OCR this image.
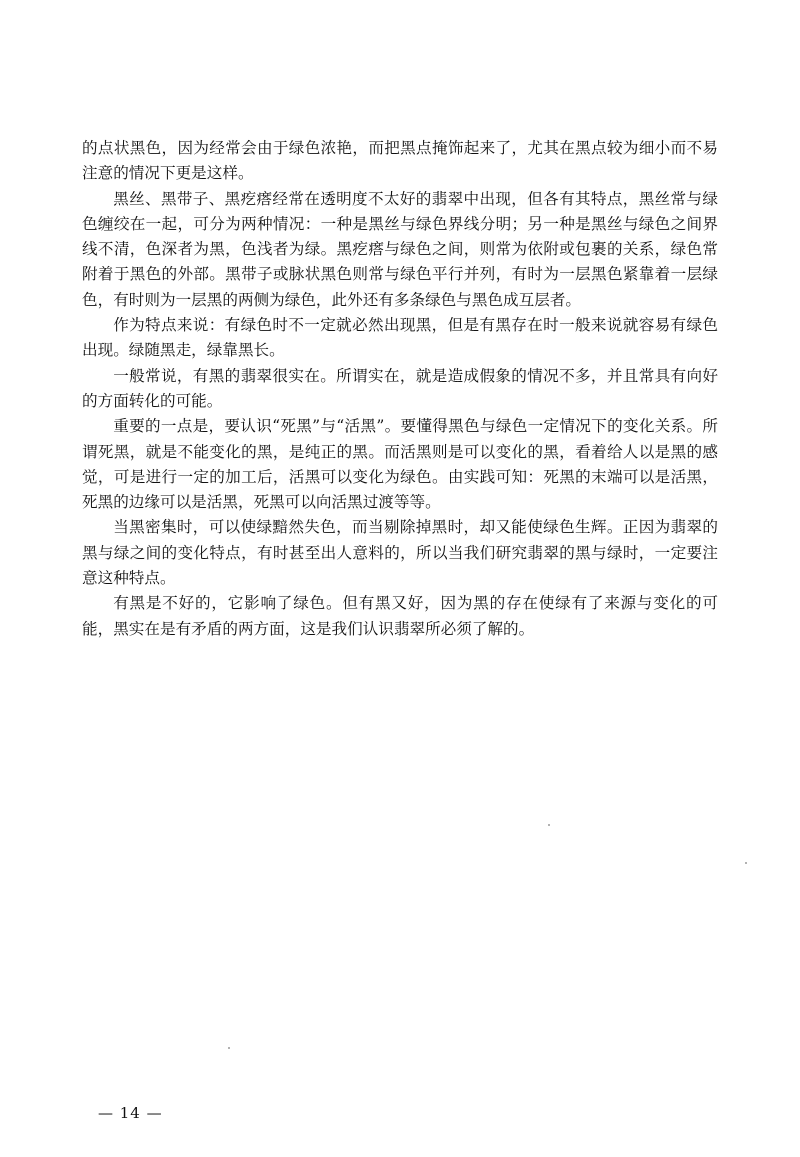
的点状黑色，因为经常会由于绿色浓艳，而把黑点掩饰起来了，尤其在黑点较为细小而不易注意的情况下更是这样。

黑丝、黑带子、黑疙瘩经常在透明度不太好的翡翠中出现，但各有其特点，黑丝常与绿色缠绞在一起，可分为两种情况：一种是黑丝与绿色界线分明；另一种是黑丝与绿色之间界线不清，色深者为黑，色浅者为绿。黑疙瘩与绿色之间，则常为依附或包裹的关系，绿色常附着于黑色的外部。黑带子或脉状黑色则常与绿色平行并列，有时为一层黑色紧靠着一层绿色，有时则为一层黑的两侧为绿色，此外还有多条绿色与黑色成互层者。

作为特点来说：有绿色时不一定就必然出现黑，但是有黑存在时一般来说就容易有绿色出现。绿随黑走，绿靠黑长。

一般常说，有黑的翡翠很实在。所谓实在，就是造成假象的情况不多，并且常具有向好的方面转化的可能。

重要的一点是，要认识“死黑”与“活黑”。要懂得黑色与绿色一定情况下的变化关系。所谓死黑，就是不能变化的黑，是纯正的黑。而活黑则是可以变化的黑，看着给人以是黑的感觉，可是进行一定的加工后，活黑可以变化为绿色。由实践可知：死黑的末端可以是活黑，死黑的边缘可以是活黑，死黑可以向活黑过渡等等。

当黑密集时，可以使绿黯然失色，而当剔除掉黑时，却又能使绿色生辉。正因为翡翠的黑与绿之间的变化特点，有时甚至出人意料的，所以当我们研究翡翠的黑与绿时，一定要注意这种特点。

有黑是不好的，它影响了绿色。但有黑又好，因为黑的存在使绿有了来源与变化的可能，黑实在是有矛盾的两方面，这是我们认识翡翠所必须了解的。

— 14 —
